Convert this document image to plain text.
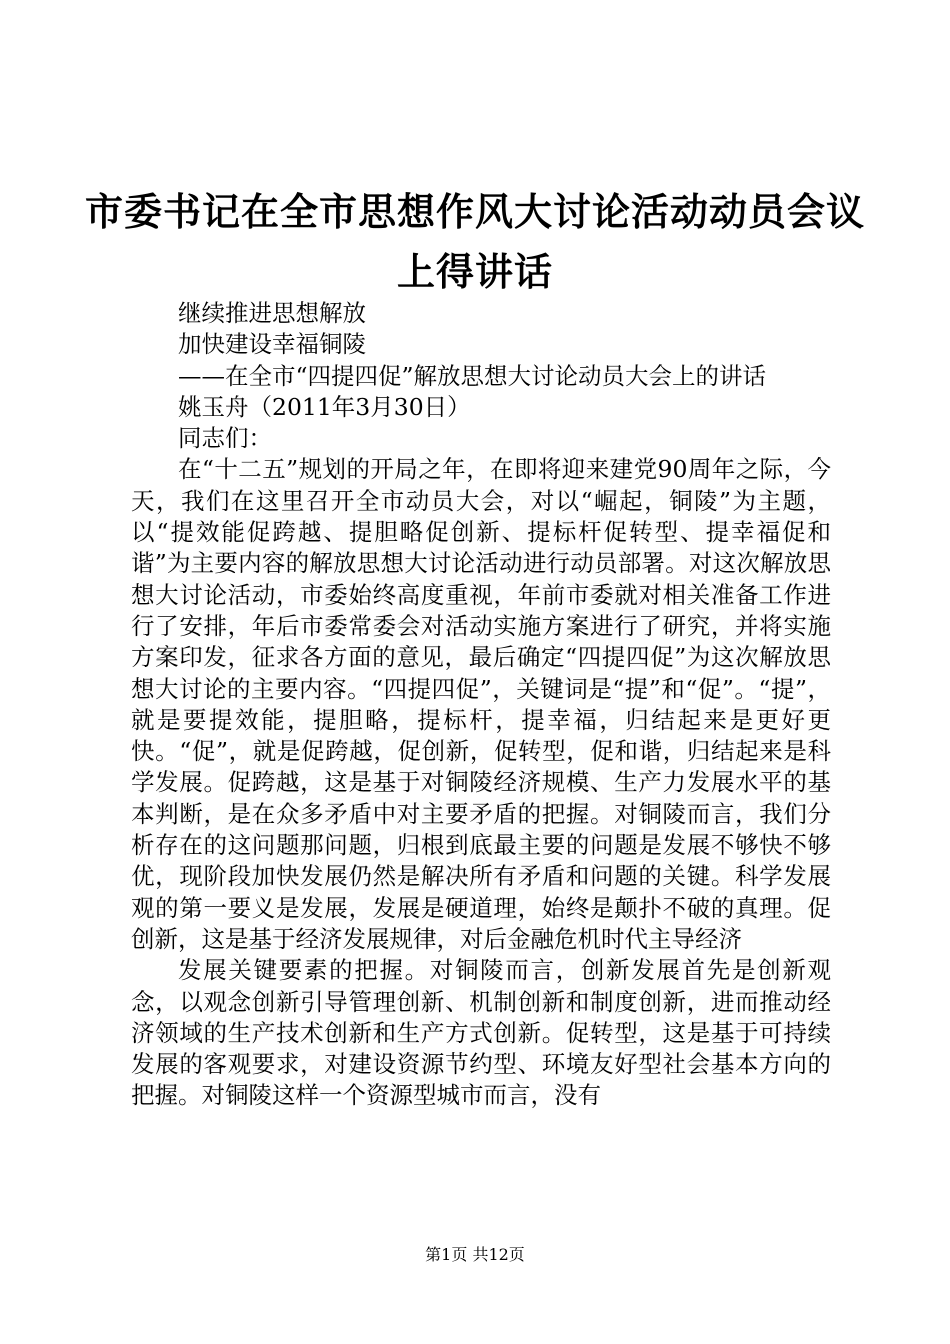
市委书记在全市思想作风大讨论活动动员会议
上得讲话

继续推进思想解放

加快建设幸福铜陵

——在全市“四提四促”解放思想大讨论动员大会上的讲话

姚玉舟（2011年3月30日）

同志们：

在“十二五”规划的开局之年，在即将迎来建党90周年之际，今天，我们在这里召开全市动员大会，对以“崛起，铜陵”为主题，以“提效能促跨越、提胆略促创新、提标杆促转型、提幸福促和谐”为主要内容的解放思想大讨论活动进行动员部署。对这次解放思想大讨论活动，市委始终高度重视，年前市委就对相关准备工作进行了安排，年后市委常委会对活动实施方案进行了研究，并将实施方案印发，征求各方面的意见，最后确定“四提四促”为这次解放思想大讨论的主要内容。“四提四促”，关键词是“提”和“促”。“提”，就是要提效能，提胆略，提标杆，提幸福，归结起来是更好更快。“促”，就是促跨越，促创新，促转型，促和谐，归结起来是科学发展。促跨越，这是基于对铜陵经济规模、生产力发展水平的基本判断，是在众多矛盾中对主要矛盾的把握。对铜陵而言，我们分析存在的这问题那问题，归根到底最主要的问题是发展不够快不够优，现阶段加快发展仍然是解决所有矛盾和问题的关键。科学发展观的第一要义是发展，发展是硬道理，始终是颠扑不破的真理。促创新，这是基于经济发展规律，对后金融危机时代主导经济

发展关键要素的把握。对铜陵而言，创新发展首先是创新观念，以观念创新引导管理创新、机制创新和制度创新，进而推动经济领域的生产技术创新和生产方式创新。促转型，这是基于可持续发展的客观要求，对建设资源节约型、环境友好型社会基本方向的把握。对铜陵这样一个资源型城市而言，没有

第1页 共12页
